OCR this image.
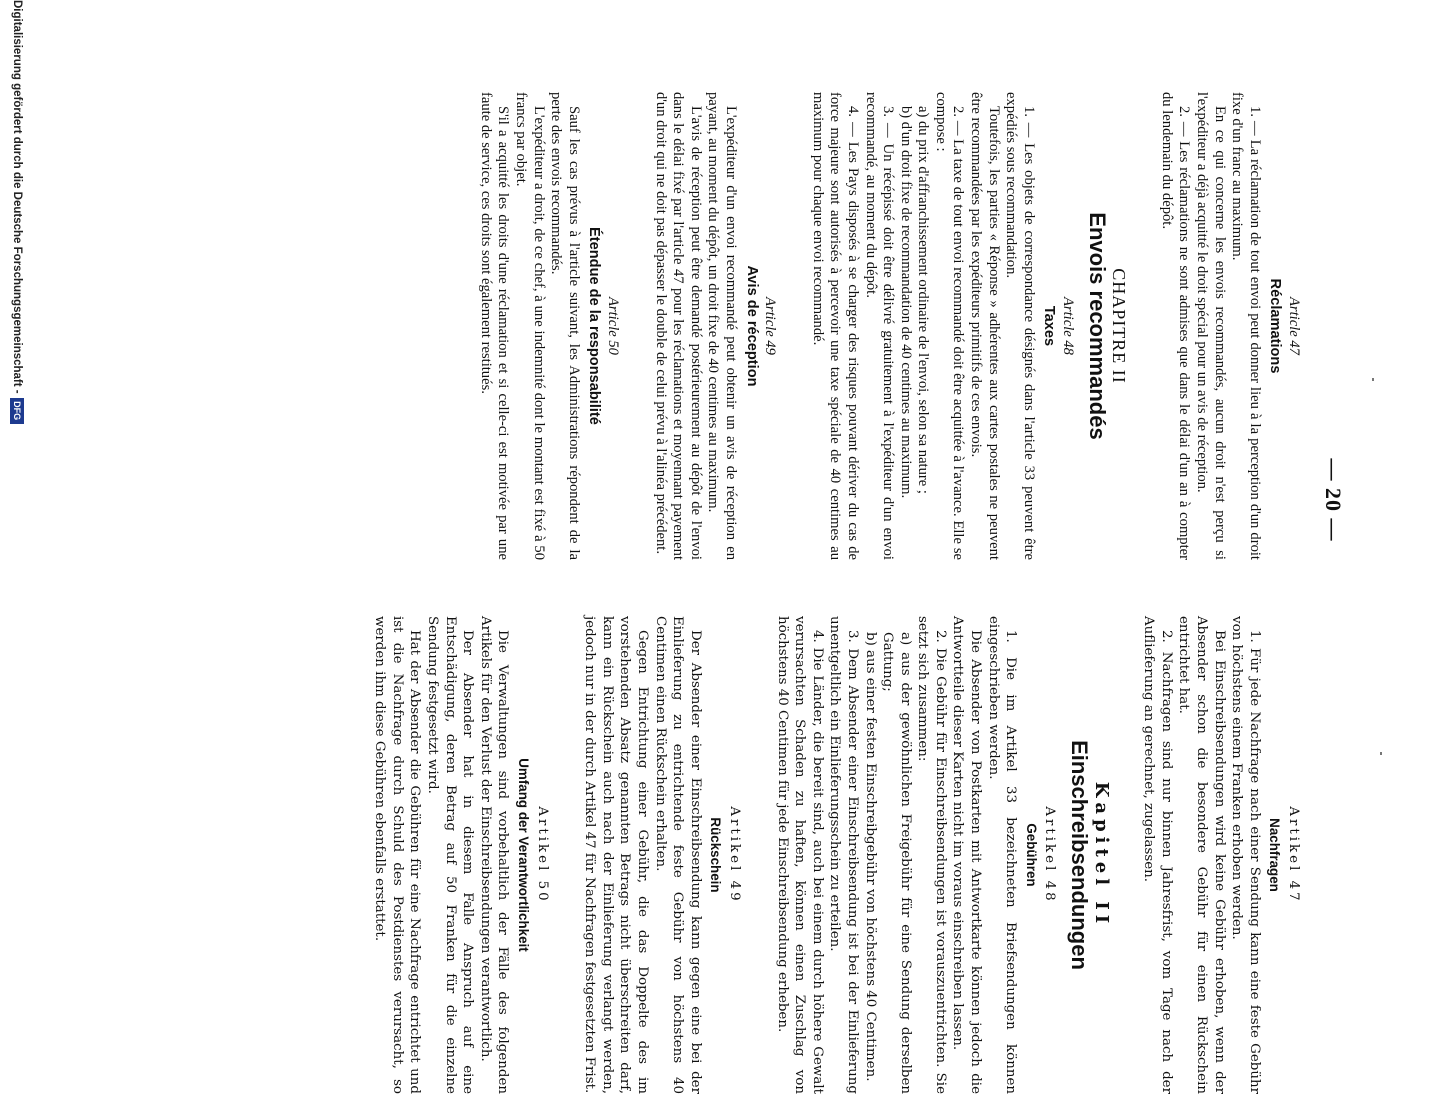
— 20 —
Article 47
Réclamations

1. — La réclamation de tout envoi peut donner lieu à la perception d'un droit fixe d'un franc au maximum.

En ce qui concerne les envois recommandés, aucun droit n'est perçu si l'expéditeur a déjà acquitté le droit spécial pour un avis de réception.

2. — Les réclamations ne sont admises que dans le délai d'un an à compter du lendemain du dépôt.

CHAPITRE II
Envois recommandés
Article 48
Taxes

1. — Les objets de correspondance désignés dans l'article 33 peuvent être expédiés sous recommandation.

Toutefois, les parties « Réponse » adhérentes aux cartes postales ne peuvent être recommandées par les expéditeurs primitifs de ces envois.

2. — La taxe de tout envoi recommandé doit être acquittée à l'avance. Elle se compose :

a) du prix d'affranchissement ordinaire de l'envoi, selon sa nature ;

b) d'un droit fixe de recommandation de 40 centimes au maximum.

3. — Un récépissé doit être délivré gratuitement à l'expéditeur d'un envoi recommandé, au moment du dépôt.

4. — Les Pays disposés à se charger des risques pouvant dériver du cas de force majeure sont autorisés à percevoir une taxe spéciale de 40 centimes au maximum pour chaque envoi recommandé.

Article 49
Avis de réception

L'expéditeur d'un envoi recommandé peut obtenir un avis de réception en payant, au moment du dépôt, un droit fixe de 40 centimes au maximum.

L'avis de réception peut être demandé postérieurement au dépôt de l'envoi dans le délai fixé par l'article 47 pour les réclamations et moyennant payement d'un droit qui ne doit pas dépasser le double de celui prévu à l'alinéa précédent.

Article 50
Étendue de la responsabilité

Sauf les cas prévus à l'article suivant, les Administrations répondent de la perte des envois recommandés.

L'expéditeur a droit, de ce chef, à une indemnité dont le montant est fixé à 50 francs par objet.

S'il a acquitté les droits d'une réclamation et si celle-ci est motivée par une faute de service, ces droits sont également restitués.

Artikel 47
Nachfragen

1. Für jede Nachfrage nach einer Sendung kann eine feste Gebühr von höchstens einem Franken erhoben werden.

Bei Einschreibsendungen wird keine Gebühr erhoben, wenn der Absender schon die besondere Gebühr für einen Rückschein entrichtet hat.

2. Nachfragen sind nur binnen Jahresfrist, vom Tage nach der Auflieferung an gerechnet, zugelassen.

Kapitel II
Einschreibsendungen
Artikel 48
Gebühren

1. Die im Artikel 33 bezeichneten Briefsendungen können eingeschrieben werden.

Die Absender von Postkarten mit Antwortkarte können jedoch die Antwortteile dieser Karten nicht im voraus einschreiben lassen.

2. Die Gebühr für Einschreibsendungen ist vorauszuentrichten. Sie setzt sich zusammen:

a) aus der gewöhnlichen Freigebühr für eine Sendung derselben Gattung;

b) aus einer festen Einschreibgebühr von höchstens 40 Centimen.

3. Dem Absender einer Einschreibsendung ist bei der Einlieferung unentgeltlich ein Einlieferungsschein zu erteilen.

4. Die Länder, die bereit sind, auch bei einem durch höhere Gewalt verursachten Schaden zu haften, können einen Zuschlag von höchstens 40 Centimen für jede Einschreibsendung erheben.

Artikel 49
Rückschein

Der Absender einer Einschreibsendung kann gegen eine bei der Einlieferung zu entrichtende feste Gebühr von höchstens 40 Centimen einen Rückschein erhalten.

Gegen Entrichtung einer Gebühr, die das Doppelte des im vorstehenden Absatz genannten Betrags nicht überschreiten darf, kann ein Rückschein auch nach der Einlieferung verlangt werden, jedoch nur in der durch Artikel 47 für Nachfragen festgesetzten Frist.

Artikel 50
Umfang der Verantwortlichkeit

Die Verwaltungen sind vorbehaltlich der Fälle des folgenden Artikels für den Verlust der Einschreibsendungen verantwortlich.

Der Absender hat in diesem Falle Anspruch auf eine Entschädigung, deren Betrag auf 50 Franken für die einzelne Sendung festgesetzt wird.

Hat der Absender die Gebühren für eine Nachfrage entrichtet und ist die Nachfrage durch Schuld des Postdienstes verursacht, so werden ihm diese Gebühren ebenfalls erstattet.

Digitalisierung gefördert durch die Deutsche Forschungsgemeinschaft -
DFG
